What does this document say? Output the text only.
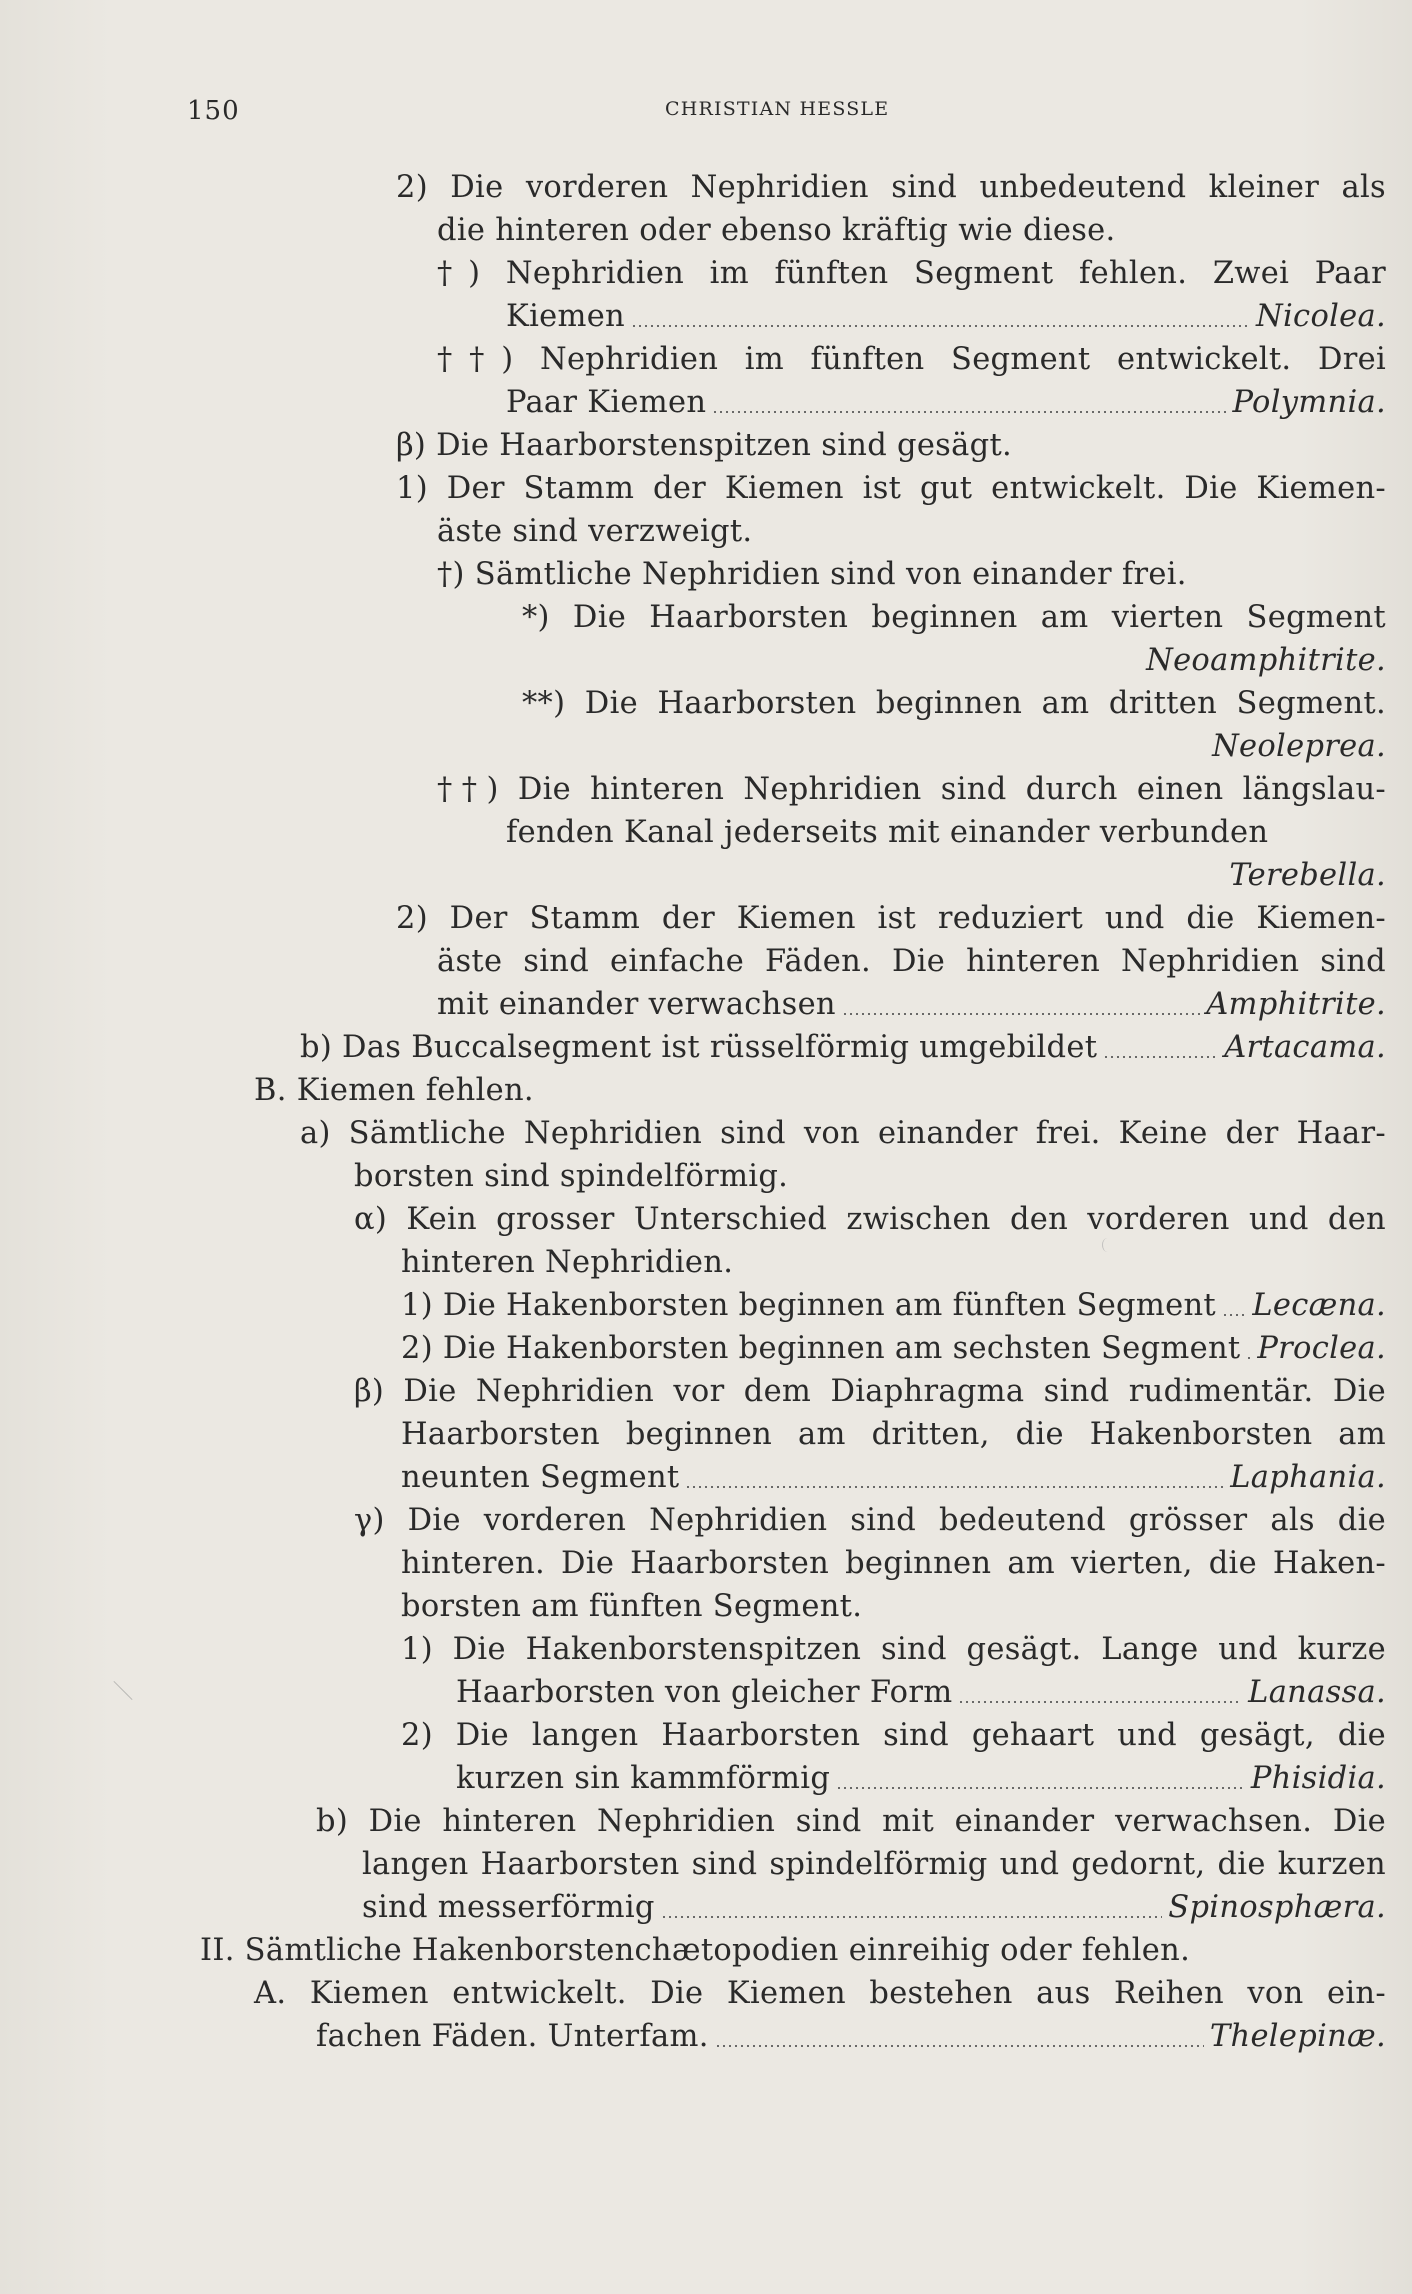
150	CHRISTIAN HESSLE
2) Die vorderen Nephridien sind unbedeutend kleiner als
die hinteren oder ebenso kräftig wie diese.
†) Nephridien im fünften Segment fehlen. Zwei Paar
Kiemen	Nicolea.
††) Nephridien im fünften Segment entwickelt. Drei
Paar Kiemen	Polymnia.
β) Die Haarborstenspitzen sind gesägt.
1) Der Stamm der Kiemen ist gut entwickelt. Die Kiemen-
äste sind verzweigt.
†) Sämtliche Nephridien sind von einander frei.
*) Die Haarborsten beginnen am vierten Segment
Neoamphitrite.
**) Die Haarborsten beginnen am dritten Segment.
Neoleprea.
††) Die hinteren Nephridien sind durch einen längslau-
fenden Kanal jederseits mit einander verbunden
Terebella.
2) Der Stamm der Kiemen ist reduziert und die Kiemen-
äste sind einfache Fäden. Die hinteren Nephridien sind
mit einander verwachsen	Amphitrite.
b) Das Buccalsegment ist rüsselförmig umgebildet	Artacama.
B. Kiemen fehlen.
a) Sämtliche Nephridien sind von einander frei. Keine der Haar-
borsten sind spindelförmig.
α) Kein grosser Unterschied zwischen den vorderen und den
hinteren Nephridien.
1) Die Hakenborsten beginnen am fünften Segment Lecæna.
2) Die Hakenborsten beginnen am sechsten Segment Proclea.
β) Die Nephridien vor dem Diaphragma sind rudimentär. Die
Haarborsten beginnen am dritten, die Hakenborsten am
neunten Segment	Laphania.
γ) Die vorderen Nephridien sind bedeutend grösser als die
hinteren. Die Haarborsten beginnen am vierten, die Haken-
borsten am fünften Segment.
1) Die Hakenborstenspitzen sind gesägt. Lange und kurze
Haarborsten von gleicher Form	Lanassa.
2) Die langen Haarborsten sind gehaart und gesägt, die
kurzen sin kammförmig	Phisidia.
b) Die hinteren Nephridien sind mit einander verwachsen. Die
langen Haarborsten sind spindelförmig und gedornt, die kurzen
sind messerförmig	Spinosphæra.
II. Sämtliche Hakenborstenchætopodien einreihig oder fehlen.
A. Kiemen entwickelt. Die Kiemen bestehen aus Reihen von ein-
fachen Fäden. Unterfam.	Thelepinæ.
